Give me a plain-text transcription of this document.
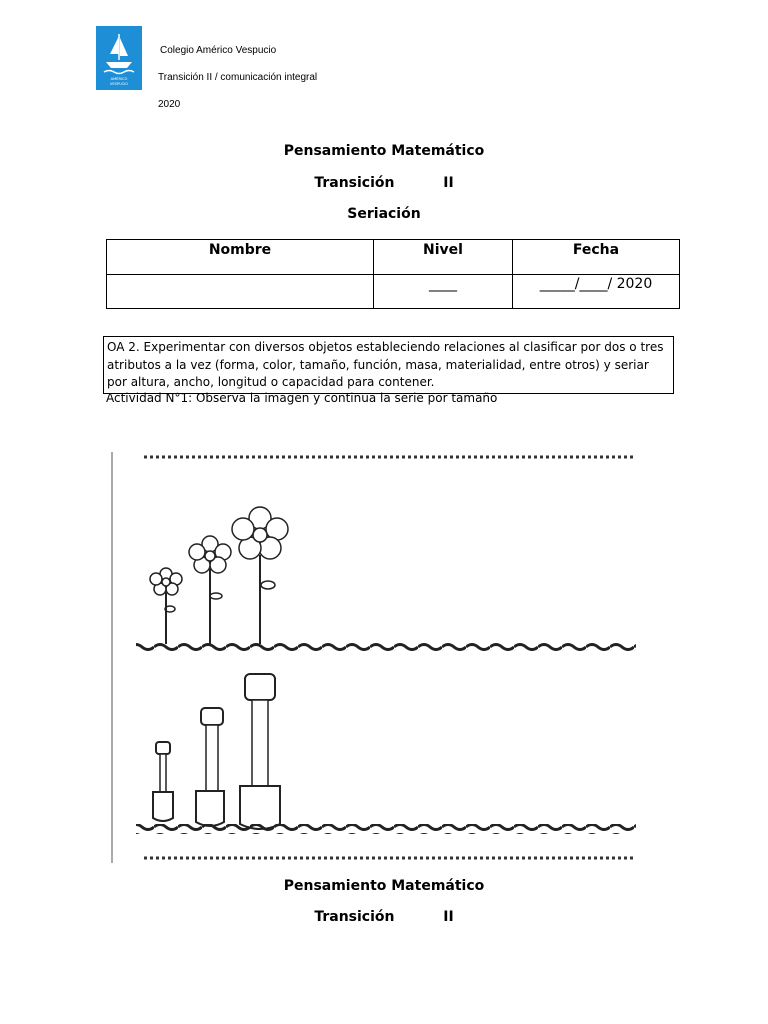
AMÉRICO
VESPUCIO
Colegio Américo Vespucio
Transición II / comunicación integral
2020
Pensamiento Matemático
Transición          II
Seriación
Nombre	Nivel	Fecha
	____	_____/____/ 2020
OA 2. Experimentar con diversos objetos estableciendo relaciones al clasificar por dos o tres atributos a la vez (forma, color, tamaño, función, masa, materialidad, entre otros) y seriar por altura, ancho, longitud o capacidad para contener.
Actividad N°1: Observa la imagen y continua la serie por tamaño
Pensamiento Matemático
Transición          II
